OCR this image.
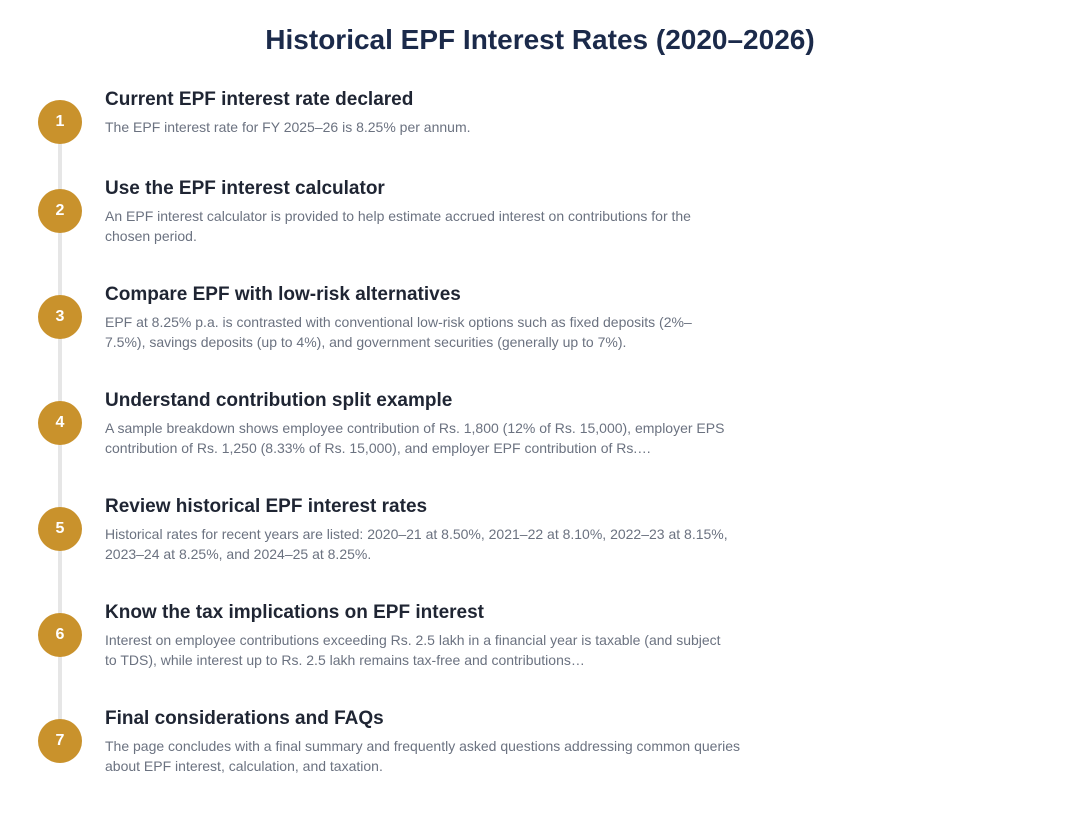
Historical EPF Interest Rates (2020–2026)
1
Current EPF interest rate declared
The EPF interest rate for FY 2025–26 is 8.25% per annum.
2
Use the EPF interest calculator
An EPF interest calculator is provided to help estimate accrued interest on contributions for the chosen period.
3
Compare EPF with low-risk alternatives
EPF at 8.25% p.a. is contrasted with conventional low-risk options such as fixed deposits (2%–7.5%), savings deposits (up to 4%), and government securities (generally up to 7%).
4
Understand contribution split example
A sample breakdown shows employee contribution of Rs. 1,800 (12% of Rs. 15,000), employer EPS contribution of Rs. 1,250 (8.33% of Rs. 15,000), and employer EPF contribution of Rs.…
5
Review historical EPF interest rates
Historical rates for recent years are listed: 2020–21 at 8.50%, 2021–22 at 8.10%, 2022–23 at 8.15%, 2023–24 at 8.25%, and 2024–25 at 8.25%.
6
Know the tax implications on EPF interest
Interest on employee contributions exceeding Rs. 2.5 lakh in a financial year is taxable (and subject to TDS), while interest up to Rs. 2.5 lakh remains tax-free and contributions…
7
Final considerations and FAQs
The page concludes with a final summary and frequently asked questions addressing common queries about EPF interest, calculation, and taxation.
